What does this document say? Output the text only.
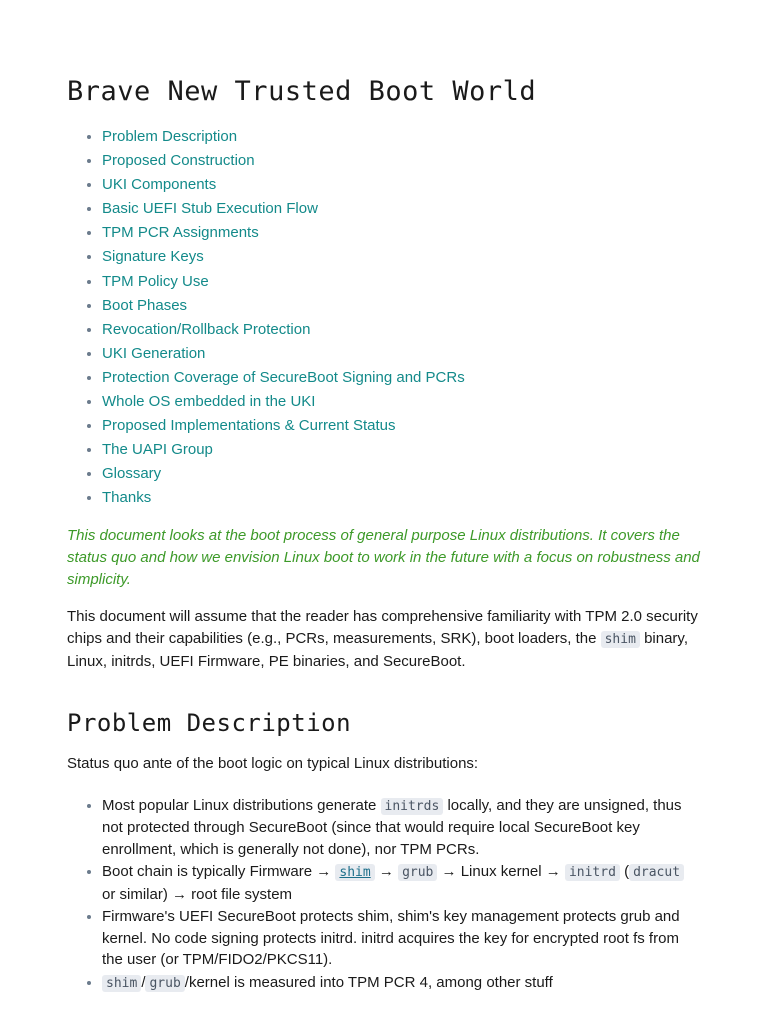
Brave New Trusted Boot World
• Problem Description
• Proposed Construction
• UKI Components
• Basic UEFI Stub Execution Flow
• TPM PCR Assignments
• Signature Keys
• TPM Policy Use
• Boot Phases
• Revocation/Rollback Protection
• UKI Generation
• Protection Coverage of SecureBoot Signing and PCRs
• Whole OS embedded in the UKI
• Proposed Implementations & Current Status
• The UAPI Group
• Glossary
• Thanks

This document looks at the boot process of general purpose Linux distributions. It covers the status quo and how we envision Linux boot to work in the future with a focus on robustness and simplicity.

This document will assume that the reader has comprehensive familiarity with TPM 2.0 security chips and their capabilities (e.g., PCRs, measurements, SRK), boot loaders, the shim binary, Linux, initrds, UEFI Firmware, PE binaries, and SecureBoot.

Problem Description

Status quo ante of the boot logic on typical Linux distributions:

• Most popular Linux distributions generate initrds locally, and they are unsigned, thus not protected through SecureBoot (since that would require local SecureBoot key enrollment, which is generally not done), nor TPM PCRs.
• Boot chain is typically Firmware → shim → grub → Linux kernel → initrd ( dracut or similar) → root file system
• Firmware's UEFI SecureBoot protects shim, shim's key management protects grub and kernel. No code signing protects initrd. initrd acquires the key for encrypted root fs from the user (or TPM/FIDO2/PKCS11).
• shim / grub /kernel is measured into TPM PCR 4, among other stuff
